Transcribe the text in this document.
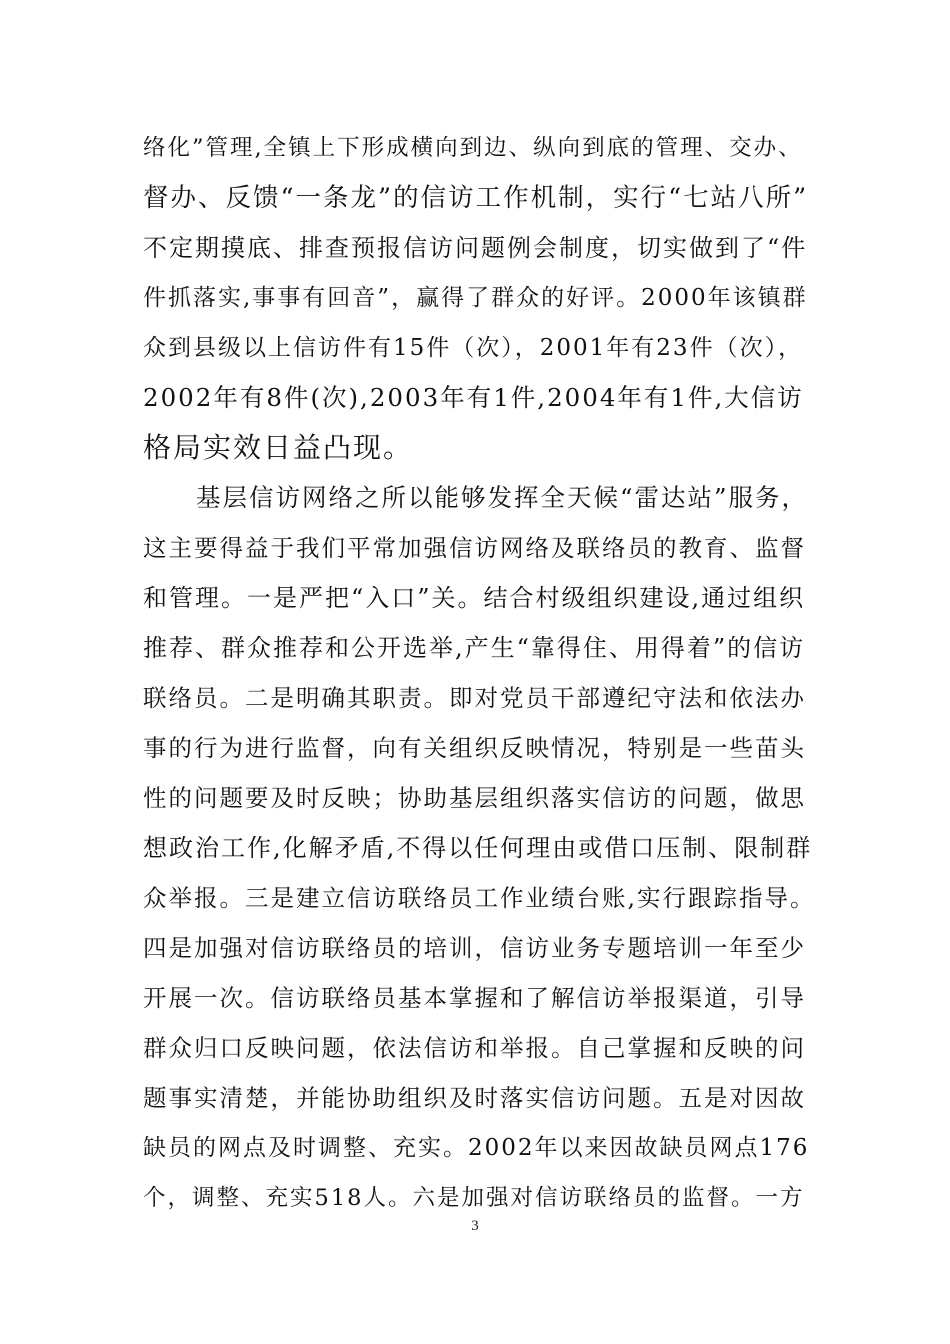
络化”管理,全镇上下形成横向到边、纵向到底的管理、交办、
督办、反馈“一条龙”的信访工作机制，实行“七站八所”
不定期摸底、排查预报信访问题例会制度，切实做到了“件
件抓落实,事事有回音”，赢得了群众的好评。2000年该镇群
众到县级以上信访件有15件（次），2001年有23件（次），
2002年有8件(次),2003年有1件,2004年有1件,大信访
格局实效日益凸现。
基层信访网络之所以能够发挥全天候“雷达站”服务，
这主要得益于我们平常加强信访网络及联络员的教育、监督
和管理。一是严把“入口”关。结合村级组织建设,通过组织
推荐、群众推荐和公开选举,产生“靠得住、用得着”的信访
联络员。二是明确其职责。即对党员干部遵纪守法和依法办
事的行为进行监督，向有关组织反映情况，特别是一些苗头
性的问题要及时反映；协助基层组织落实信访的问题，做思
想政治工作,化解矛盾,不得以任何理由或借口压制、限制群
众举报。三是建立信访联络员工作业绩台账,实行跟踪指导。
四是加强对信访联络员的培训，信访业务专题培训一年至少
开展一次。信访联络员基本掌握和了解信访举报渠道，引导
群众归口反映问题，依法信访和举报。自己掌握和反映的问
题事实清楚，并能协助组织及时落实信访问题。五是对因故
缺员的网点及时调整、充实。2002年以来因故缺员网点176
个，调整、充实518人。六是加强对信访联络员的监督。一方
3
